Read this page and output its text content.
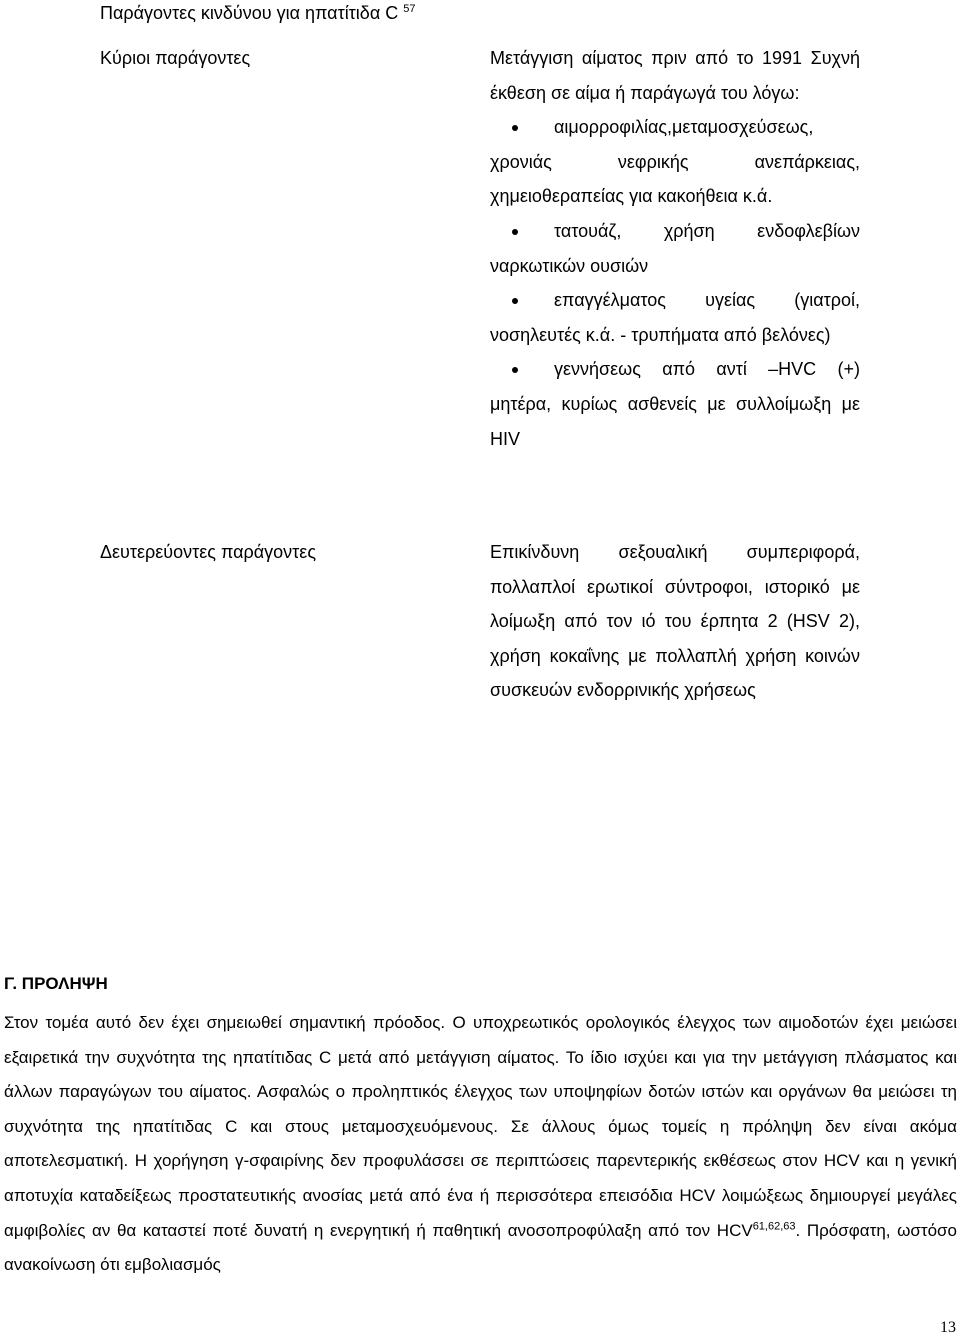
Παράγοντες κινδύνου για ηπατίτιδα C $^{57}$
Κύριοι παράγοντες	Μετάγγιση αίματος πριν από το 1991 Συχνή έκθεση σε αίμα ή παράγωγά του λόγω:

αιμορροφιλίας,μεταμοσχεύσεως, χρονιάς νεφρικής ανεπάρκειας, χημειοθεραπείας για κακοήθεια κ.ά.
τατουάζ, χρήση ενδοφλεβίων ναρκωτικών ουσιών
επαγγέλματος υγείας (γιατροί, νοσηλευτές κ.ά. - τρυπήματα από βελόνες)
γεννήσεως από αντί –HVC (+) μητέρα, κυρίως ασθενείς με συλλοίμωξη με HIV
Δευτερεύοντες παράγοντες	Επικίνδυνη σεξουαλική συμπεριφορά, πολλαπλοί ερωτικοί σύντροφοι, ιστορικό με λοίμωξη από τον ιό του έρπητα 2 (HSV 2), χρήση κοκαΐνης με πολλαπλή χρήση κοινών συσκευών ενδορρινικής χρήσεως

Γ. ΠΡΟΛΗΨΗ

Στον τομέα αυτό δεν έχει σημειωθεί σημαντική πρόοδος. Ο υποχρεωτικός ορολογικός έλεγχος των αιμοδοτών έχει μειώσει εξαιρετικά την συχνότητα της ηπατίτιδας C μετά από μετάγγιση αίματος. Το ίδιο ισχύει και για την μετάγγιση πλάσματος και άλλων παραγώγων του αίματος. Ασφαλώς ο προληπτικός έλεγχος των υποψηφίων δοτών ιστών και οργάνων θα μειώσει τη συχνότητα της ηπατίτιδας C και στους μεταμοσχευόμενους. Σε άλλους όμως τομείς η πρόληψη δεν είναι ακόμα αποτελεσματική. Η χορήγηση γ-σφαιρίνης δεν προφυλάσσει σε περιπτώσεις παρεντερικής εκθέσεως στον HCV και η γενική αποτυχία καταδείξεως προστατευτικής ανοσίας μετά από ένα ή περισσότερα επεισόδια HCV λοιμώξεως δημιουργεί μεγάλες αμφιβολίες αν θα καταστεί ποτέ δυνατή η ενεργητική ή παθητική ανοσοπροφύλαξη από τον HCV$^{61,62,63}$. Πρόσφατη, ωστόσο ανακοίνωση ότι εμβολιασμός

13
